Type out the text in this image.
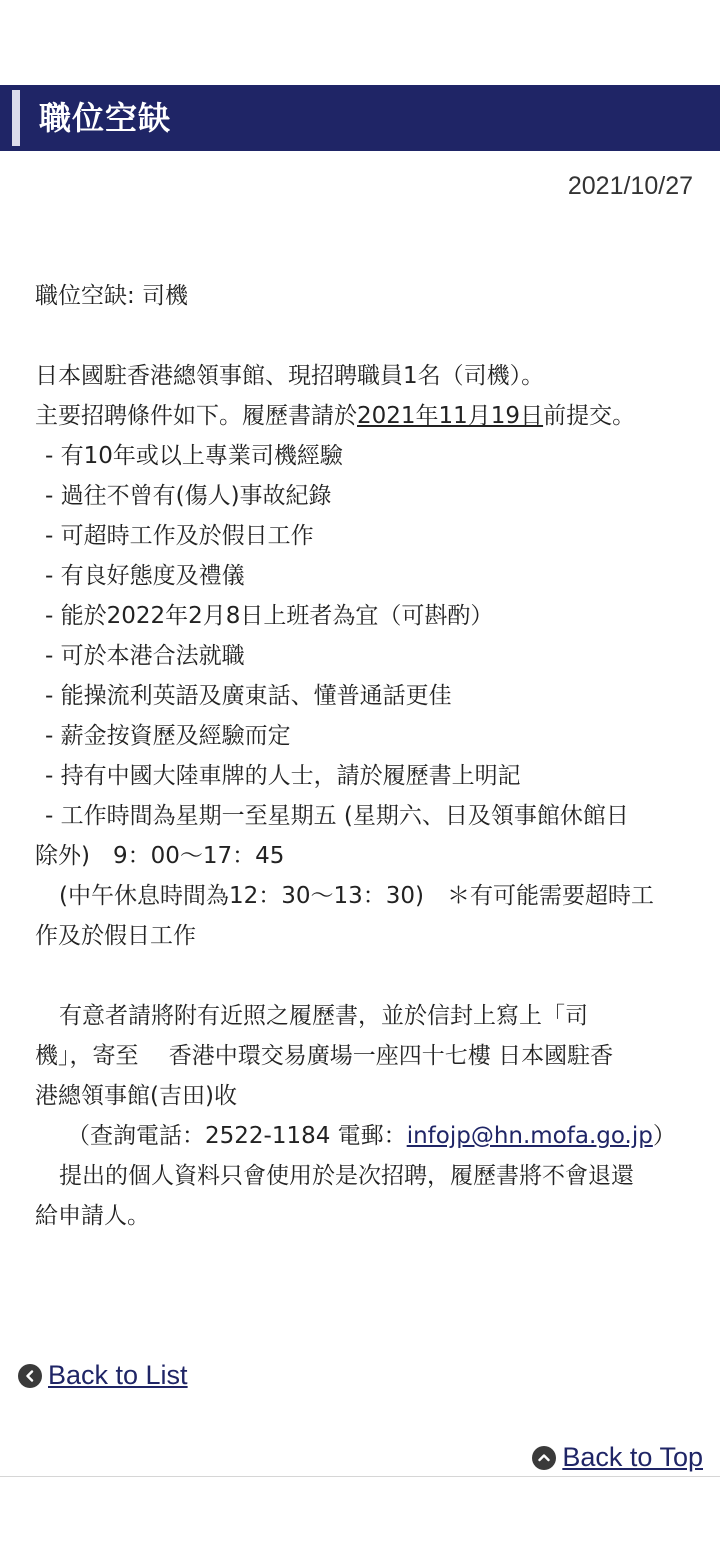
職位空缺
2021/10/27

職位空缺: 司機

日本國駐香港總領事館、現招聘職員1名（司機）。

主要招聘條件如下。履歷書請於2021年11月19日前提交。

- 有10年或以上專業司機經驗

- 過往不曾有(傷人)事故紀錄

- 可超時工作及於假日工作

- 有良好態度及禮儀

- 能於2022年2月8日上班者為宜（可斟酌）

- 可於本港合法就職

- 能操流利英語及廣東話、懂普通話更佳

- 薪金按資歷及經驗而定

- 持有中國大陸車牌的人士，請於履歷書上明記

- 工作時間為星期一至星期五 (星期六、日及領事館休館日

除外)　9：00～17：45

(中午休息時間為12：30～13：30)　＊有可能需要超時工

作及於假日工作

有意者請將附有近照之履歷書，並於信封上寫上「司

機」，寄至　 香港中環交易廣場一座四十七樓 日本國駐香

港總領事館(吉田)收

（查詢電話：2522-1184 電郵：infojp@hn.mofa.go.jp）

提出的個人資料只會使用於是次招聘，履歷書將不會退還

給申請人。

Back to List
Back to Top
